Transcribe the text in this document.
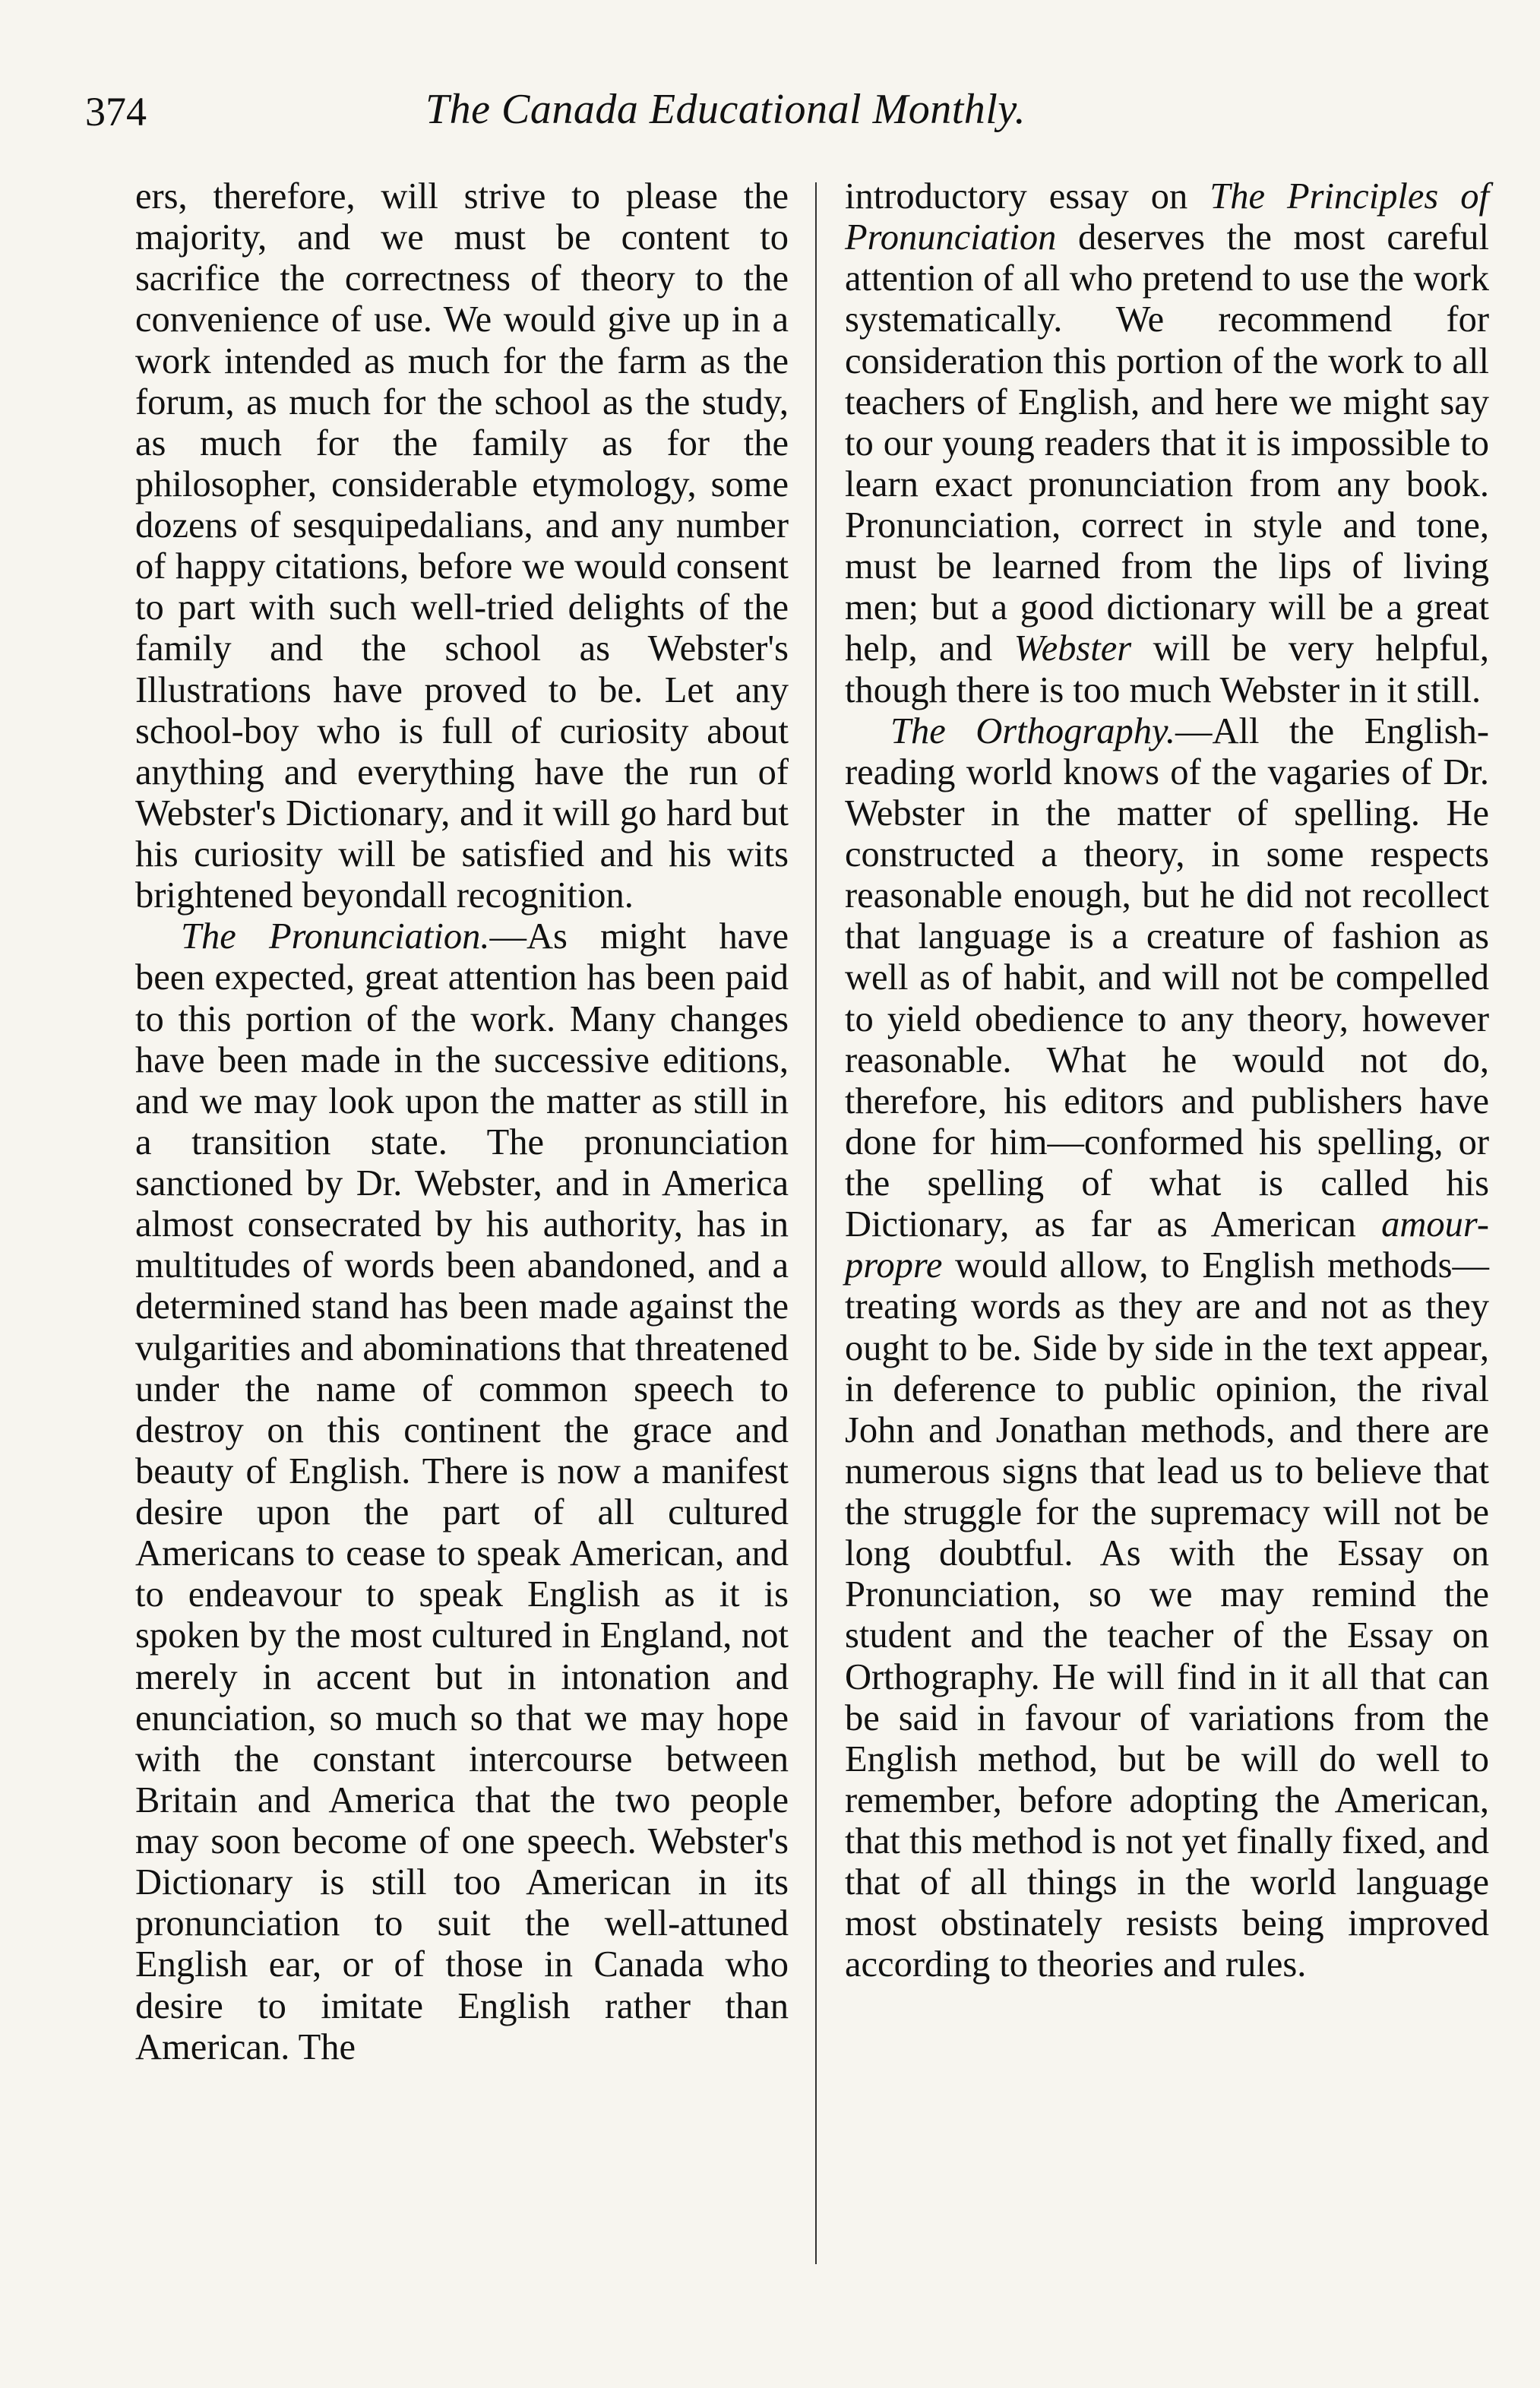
374	The Canada Educational Monthly.

ers, therefore, will strive to please the majority, and we must be content to sacrifice the correctness of theory to the convenience of use. We would give up in a work intended as much for the farm as the forum, as much for the school as the study, as much for the family as for the philosopher, considerable etymology, some dozens of sesquipedalians, and any number of happy citations, before we would consent to part with such well-tried delights of the family and the school as Webster's Illustrations have proved to be. Let any school-boy who is full of curiosity about anything and everything have the run of Webster's Dictionary, and it will go hard but his curiosity will be satisfied and his wits brightened beyondall recognition.

The Pronunciation.—As might have been expected, great attention has been paid to this portion of the work. Many changes have been made in the successive editions, and we may look upon the matter as still in a transition state. The pronunciation sanctioned by Dr. Webster, and in America almost consecrated by his authority, has in multitudes of words been abandoned, and a determined stand has been made against the vulgarities and abominations that threatened under the name of common speech to destroy on this continent the grace and beauty of English. There is now a manifest desire upon the part of all cultured Americans to cease to speak American, and to endeavour to speak English as it is spoken by the most cultured in England, not merely in accent but in intonation and enunciation, so much so that we may hope with the constant intercourse between Britain and America that the two people may soon become of one speech. Webster's Dictionary is still too American in its pronunciation to suit the well-attuned English ear, or of those in Canada who desire to imitate English rather than American. The

introductory essay on The Principles of Pronunciation deserves the most careful attention of all who pretend to use the work systematically. We recommend for consideration this portion of the work to all teachers of English, and here we might say to our young readers that it is impossible to learn exact pronunciation from any book. Pronunciation, correct in style and tone, must be learned from the lips of living men; but a good dictionary will be a great help, and Webster will be very helpful, though there is too much Webster in it still.

The Orthography.—All the English-reading world knows of the vagaries of Dr. Webster in the matter of spelling. He constructed a theory, in some respects reasonable enough, but he did not recollect that language is a creature of fashion as well as of habit, and will not be compelled to yield obedience to any theory, however reasonable. What he would not do, therefore, his editors and publishers have done for him—conformed his spelling, or the spelling of what is called his Dictionary, as far as American amour-propre would allow, to English methods—treating words as they are and not as they ought to be. Side by side in the text appear, in deference to public opinion, the rival John and Jonathan methods, and there are numerous signs that lead us to believe that the struggle for the supremacy will not be long doubtful. As with the Essay on Pronunciation, so we may remind the student and the teacher of the Essay on Orthography. He will find in it all that can be said in favour of variations from the English method, but be will do well to remember, before adopting the American, that this method is not yet finally fixed, and that of all things in the world language most obstinately resists being improved according to theories and rules.
